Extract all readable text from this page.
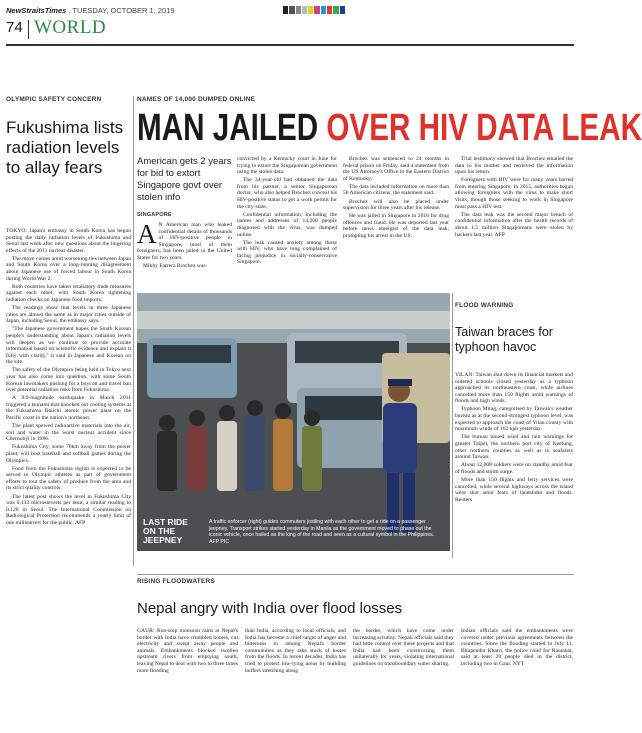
NewStraitsTimes . TUESDAY, OCTOBER 1, 2019
74 WORLD
OLYMPIC SAFETY CONCERN
Fukushima lists radiation levels to allay fears

TOKYO: Japan's embassy in South Korea has begun posting the daily radiation levels of Fukushima and Seoul last week after new questions about the lingering effects of the 2011 nuclear disaster.

The move comes amid worsening ties between Japan and South Korea over a long-running disagreement about Japanese use of forced labour in South Korea during World War 2.

Both countries have taken retaliatory trade measures against each other, with South Korea tightening radiation checks on Japanese food imports.

The readings show that levels in three Japanese cities are almost the same as in major cities outside of Japan, including Seoul, the embassy says.

"The Japanese government hopes the South Korean people's understanding about Japan's radiation levels will deepen as we continue to provide accurate information based on scientific evidence and explain it fully with clarity," it said in Japanese and Korean on the site.

The safety of the Olympics being held in Tokyo next year has also come into question, with some South Korean lawmakers pushing for a boycott and travel ban over potential radiation risks from Fukushima.

A 9.0-magnitude earthquake in March 2011 triggered a tsunami that knocked out cooling systems at the Fukushima Daiichi atomic power plant on the Pacific coast in the nation's northeast.

The plant spewed radioactive materials into the air, soil and water in the worst nuclear accident since Chernobyl in 1986.

Fukushima City, some 70km away from the power plant, will host baseball and softball games during the Olympics.

Food from the Fukushima region is expected to be served to Olympic athletes as part of government efforts to tout the safety of produce from the area and its strict quality controls.

The latest post shows the level in Fukushima City was 0.133 microsieverts per hour, a similar reading to 0.120 in Seoul. The International Commission on Radiological Protection recommends a yearly limit of one millisievert for the public. AFP

NAMES OF 14,000 DUMPED ONLINE
MAN JAILED OVER HIV DATA LEAK
American gets 2 years for bid to extort Singapore govt over stolen info
SINGAPORE
A N American man who leaked confidential details of thousands of HIV-positive people in Singapore, most of them foreigners, has been jailed in the United States for two years.

Mikhy Farrera Brochez was

convicted by a Kentucky court in June for trying to extort the Singaporean government using the stolen data.

The 34-year-old had obtained the data from his partner, a senior Singaporean doctor, who also helped Brochez conceal his HIV-positive status to get a work permit for the city-state.

Confidential information, including the names and addresses of 14,200 people diagnosed with the virus, was dumped online.

The leak caused anxiety among those with HIV, who have long complained of facing prejudice in socially-conservative Singapore.

Brochez was sentenced to 24 months in federal prison on Friday, said a statement from the US Attorney's Office in the Eastern District of Kentucky.

The data included information on more than 50 American citizens, the statement said.

Brochez will also be placed under supervision for three years after his release.

He was jailed in Singapore in 2016 for drug offences and fraud. He was deported last year before news emerged of the data leak, prompting his arrest in the US.

Trial testimony showed that Brochez emailed the data to his mother and retrieved the information upon his return.

Foreigners with HIV were for many years barred from entering Singapore. In 2015, authorities began allowing foreigners with the virus to make short visits, though those seeking to work in Singapore must pass a HIV test.

The data leak was the second major breach of confidential information after the health records of about 1.5 million Singaporeans were stolen by hackers last year. AFP

LAST RIDE ON THE JEEPNEY
A traffic enforcer (right) guides commuters jostling with each other to get a ride on a passenger jeepney. Transport strikes started yesterday in Manila as the government moved to phase out the iconic vehicle, once hailed as the king of the road and seen as a cultural symbol in the Philippines. AFP PIC
FLOOD WARNING
Taiwan braces for typhoon havoc

YILAN: Taiwan shut down its financial markets and ordered schools closed yesterday as a typhoon approached its northeastern coast, while airlines cancelled more than 150 flights amid warnings of floods and high winds.

Typhoon Mitag, categorised by Taiwan's weather bureau as at the second-strongest typhoon level, was expected to approach the coast of Yilan county with maximum winds of 162 kph yesterday.

The bureau issued wind and rain warnings for greater Taipei, the northern port city of Keelung, other northern counties as well as to seafarers around Taiwan.

About 12,000 soldiers were on standby amid fear of floods and storm surge.

More than 150 flights and ferry services were cancelled, while several highways across the island were shut amid fears of landslides and floods. Reuters

RISING FLOODWATERS
Nepal angry with India over flood losses
GAUR: Non-stop monsoon rains at Nepal's border with India have crumbled homes, cut electricity and swept away people and animals. Embankments blocked swollen upstream rivers from emptying south, leaving Nepal to deal with two to three times more flooding
than India, according to local officials, and India has become a chief target of anger and bitterness in among Nepal's border communities as they take stock of losses from the floods. In recent decades, India has tried to protect low-lying areas by building buffers stretching along
the border, which have come under increasing scrutiny. Nepali officials said they had little control over these projects and that India had been constructing them unilaterally for years, violating international guidelines on transboundary water sharing.
Indian officials said the embankments were covered under previous agreements between the countries. Since the flooding started in July 11, Bhupendra Khatri, the police chief for Rautahat, said at least 20 people died in the district, including two in Gaur. NYT
